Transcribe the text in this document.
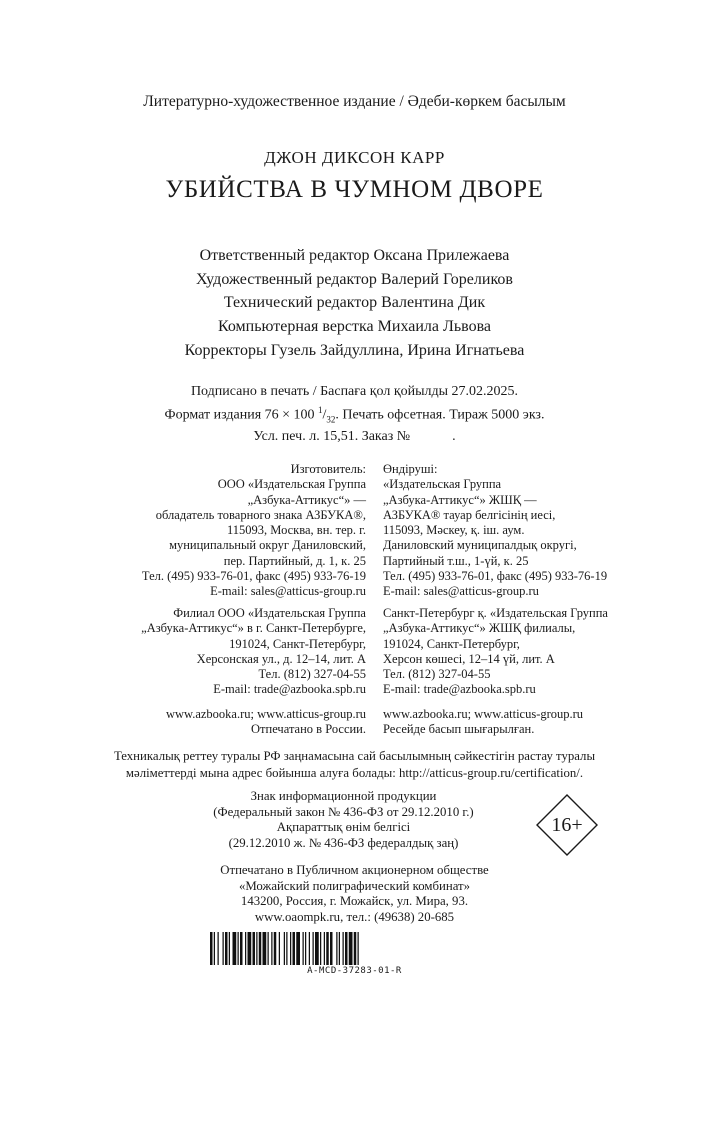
Литературно-художественное издание / Әдеби-көркем басылым
ДЖОН ДИКСОН КАРР
УБИЙСТВА В ЧУМНОМ ДВОРЕ
Ответственный редактор Оксана Прилежаева
Художественный редактор Валерий Гореликов
Технический редактор Валентина Дик
Компьютерная верстка Михаила Львова
Корректоры Гузель Зайдуллина, Ирина Игнатьева
Подписано в печать / Баспаға қол қойылды 27.02.2025.
Формат издания 76 × 100 $^1/_{32}$. Печать офсетная. Тираж 5000 экз.
Усл. печ. л. 15,51. Заказ №            .
Изготовитель:
ООО «Издательская Группа
„Азбука-Аттикус“» —
обладатель товарного знака АЗБУКА®,
115093, Москва, вн. тер. г.
муниципальный округ Даниловский,
пер. Партийный, д. 1, к. 25
Тел. (495) 933-76-01, факс (495) 933-76-19
E-mail: sales@atticus-group.ru
Өндіруші:
«Издательская Группа
„Азбука-Аттикус“» ЖШҚ —
АЗБУКА® тауар белгісінің иесі,
115093, Мәскеу, қ. іш. аум.
Даниловский муниципалдық округі,
Партийный т.ш., 1-үй, к. 25
Тел. (495) 933-76-01, факс (495) 933-76-19
E-mail: sales@atticus-group.ru
Филиал ООО «Издательская Группа
„Азбука-Аттикус“» в г. Санкт-Петербурге,
191024, Санкт-Петербург,
Херсонская ул., д. 12–14, лит. А
Тел. (812) 327-04-55
E-mail: trade@azbooka.spb.ru
Санкт-Петербург қ. «Издательская Группа
„Азбука-Аттикус“» ЖШҚ филиалы,
191024, Санкт-Петербург,
Херсон көшесі, 12–14 үй, лит. А
Тел. (812) 327-04-55
E-mail: trade@azbooka.spb.ru
www.azbooka.ru; www.atticus-group.ru
Отпечатано в России.
www.azbooka.ru; www.atticus-group.ru
Ресейде басып шығарылған.
Техникалық реттеу туралы РФ заңнамасына сай басылымның сәйкестігін растау туралы
мәліметтерді мына адрес бойынша алуға болады: http://atticus-group.ru/certification/.
Знак информационной продукции
(Федеральный закон № 436-ФЗ от 29.12.2010 г.)
Ақпараттық өнім белгісі
(29.12.2010 ж. № 436-ФЗ федералдық заң)
16+
Отпечатано в Публичном акционерном обществе
«Можайский полиграфический комбинат»
143200, Россия, г. Можайск, ул. Мира, 93.
www.oaompk.ru, тел.: (49638) 20-685
A-MCD-37283-01-R
